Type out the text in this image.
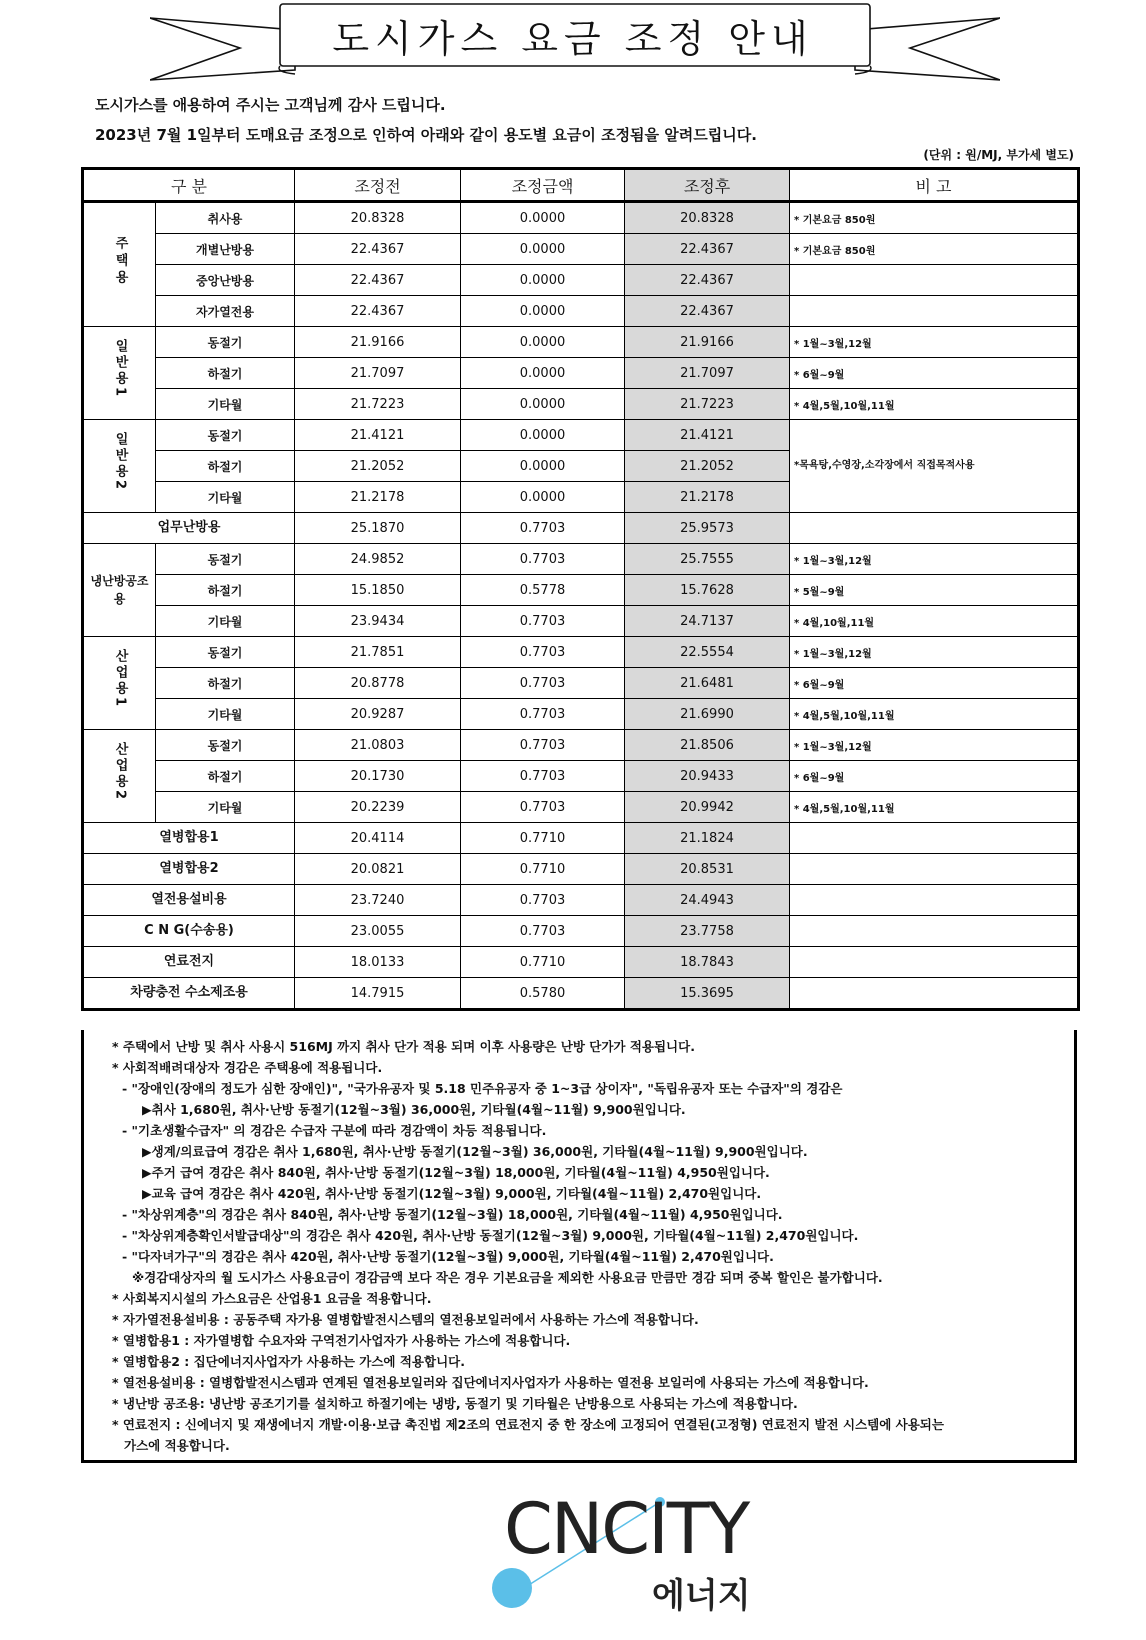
도시가스 요금 조정 안내
도시가스를 애용하여 주시는 고객님께 감사 드립니다.
2023년 7월 1일부터 도매요금 조정으로 인하여 아래와 같이 용도별 요금이 조정됨을 알려드립니다.
(단위 : 원/MJ, 부가세 별도)
구 분		조정전	조정금액	조정후	비 고
주택용	취사용	20.8328	0.0000	20.8328	* 기본요금 850원
	개별난방용	22.4367	0.0000	22.4367	* 기본요금 850원
	중앙난방용	22.4367	0.0000	22.4367	
	자가열전용	22.4367	0.0000	22.4367	
일반용1	동절기	21.9166	0.0000	21.9166	* 1월~3월,12월
	하절기	21.7097	0.0000	21.7097	* 6월~9월
	기타월	21.7223	0.0000	21.7223	* 4월,5월,10월,11월
일반용2	동절기	21.4121	0.0000	21.4121	*목욕탕,수영장,소각장에서 직접목적사용
	하절기	21.2052	0.0000	21.2052	
	기타월	21.2178	0.0000	21.2178	
업무난방용		25.1870	0.7703	25.9573	
냉난방공조용	동절기	24.9852	0.7703	25.7555	* 1월~3월,12월
	하절기	15.1850	0.5778	15.7628	* 5월~9월
	기타월	23.9434	0.7703	24.7137	* 4월,10월,11월
산업용1	동절기	21.7851	0.7703	22.5554	* 1월~3월,12월
	하절기	20.8778	0.7703	21.6481	* 6월~9월
	기타월	20.9287	0.7703	21.6990	* 4월,5월,10월,11월
산업용2	동절기	21.0803	0.7703	21.8506	* 1월~3월,12월
	하절기	20.1730	0.7703	20.9433	* 6월~9월
	기타월	20.2239	0.7703	20.9942	* 4월,5월,10월,11월
열병합용1		20.4114	0.7710	21.1824	
열병합용2		20.0821	0.7710	20.8531	
열전용설비용		23.7240	0.7703	24.4943	
C N G(수송용)		23.0055	0.7703	23.7758	
연료전지		18.0133	0.7710	18.7843	
차량충전 수소제조용		14.7915	0.5780	15.3695	

* 주택에서 난방 및 취사 사용시 516MJ 까지 취사 단가 적용 되며 이후 사용량은 난방 단가가 적용됩니다.

* 사회적배려대상자 경감은 주택용에 적용됩니다.

- "장애인(장애의 정도가 심한 장애인)", "국가유공자 및 5.18 민주유공자 중 1~3급 상이자", "독립유공자 또는 수급자"의 경감은

▶취사 1,680원, 취사·난방 동절기(12월~3월) 36,000원, 기타월(4월~11월) 9,900원입니다.

- "기초생활수급자" 의 경감은 수급자 구분에 따라 경감액이 차등 적용됩니다.

▶생계/의료급여 경감은 취사 1,680원, 취사·난방 동절기(12월~3월) 36,000원, 기타월(4월~11월) 9,900원입니다.

▶주거 급여 경감은 취사 840원, 취사·난방 동절기(12월~3월) 18,000원, 기타월(4월~11월) 4,950원입니다.

▶교육 급여 경감은 취사 420원, 취사·난방 동절기(12월~3월) 9,000원, 기타월(4월~11월) 2,470원입니다.

- "차상위계층"의 경감은 취사 840원, 취사·난방 동절기(12월~3월) 18,000원, 기타월(4월~11월) 4,950원입니다.

- "차상위계층확인서발급대상"의 경감은 취사 420원, 취사·난방 동절기(12월~3월) 9,000원, 기타월(4월~11월) 2,470원입니다.

- "다자녀가구"의 경감은 취사 420원, 취사·난방 동절기(12월~3월) 9,000원, 기타월(4월~11월) 2,470원입니다.

※경감대상자의 월 도시가스 사용요금이 경감금액 보다 작은 경우 기본요금을 제외한 사용요금 만큼만 경감 되며 중복 할인은 불가합니다.

* 사회복지시설의 가스요금은 산업용1 요금을 적용합니다.

* 자가열전용설비용 : 공동주택 자가용 열병합발전시스템의 열전용보일러에서 사용하는 가스에 적용합니다.

* 열병합용1 : 자가열병합 수요자와 구역전기사업자가 사용하는 가스에 적용합니다.

* 열병합용2 : 집단에너지사업자가 사용하는 가스에 적용합니다.

* 열전용설비용 : 열병합발전시스템과 연계된 열전용보일러와 집단에너지사업자가 사용하는 열전용 보일러에 사용되는 가스에 적용합니다.

* 냉난방 공조용: 냉난방 공조기기를 설치하고 하절기에는 냉방, 동절기 및 기타월은 난방용으로 사용되는 가스에 적용합니다.

* 연료전지 : 신에너지 및 재생에너지 개발·이용·보급 촉진법 제2조의 연료전지 중 한 장소에 고정되어 연결된(고정형) 연료전지 발전 시스템에 사용되는

가스에 적용합니다.

CNCITY
에너지
